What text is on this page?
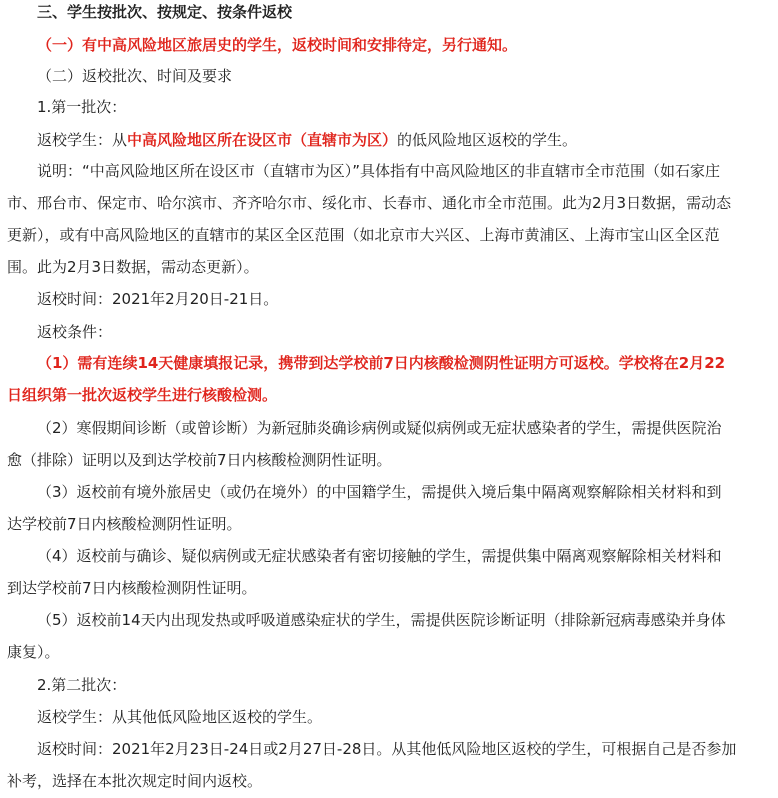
三、学生按批次、按规定、按条件返校
（一）有中高风险地区旅居史的学生，返校时间和安排待定，另行通知。
（二）返校批次、时间及要求
1.第一批次：
返校学生：从中高风险地区所在设区市（直辖市为区）的低风险地区返校的学生。
说明：“中高风险地区所在设区市（直辖市为区）”具体指有中高风险地区的非直辖市全市范围（如石家庄
市、邢台市、保定市、哈尔滨市、齐齐哈尔市、绥化市、长春市、通化市全市范围。此为2月3日数据，需动态
更新），或有中高风险地区的直辖市的某区全区范围（如北京市大兴区、上海市黄浦区、上海市宝山区全区范
围。此为2月3日数据，需动态更新）。
返校时间：2021年2月20日-21日。
返校条件：
（1）需有连续14天健康填报记录，携带到达学校前7日内核酸检测阴性证明方可返校。学校将在2月22
日组织第一批次返校学生进行核酸检测。
（2）寒假期间诊断（或曾诊断）为新冠肺炎确诊病例或疑似病例或无症状感染者的学生，需提供医院治
愈（排除）证明以及到达学校前7日内核酸检测阴性证明。
（3）返校前有境外旅居史（或仍在境外）的中国籍学生，需提供入境后集中隔离观察解除相关材料和到
达学校前7日内核酸检测阴性证明。
（4）返校前与确诊、疑似病例或无症状感染者有密切接触的学生，需提供集中隔离观察解除相关材料和
到达学校前7日内核酸检测阴性证明。
（5）返校前14天内出现发热或呼吸道感染症状的学生，需提供医院诊断证明（排除新冠病毒感染并身体
康复）。
2.第二批次：
返校学生：从其他低风险地区返校的学生。
返校时间：2021年2月23日-24日或2月27日-28日。从其他低风险地区返校的学生，可根据自己是否参加
补考，选择在本批次规定时间内返校。
